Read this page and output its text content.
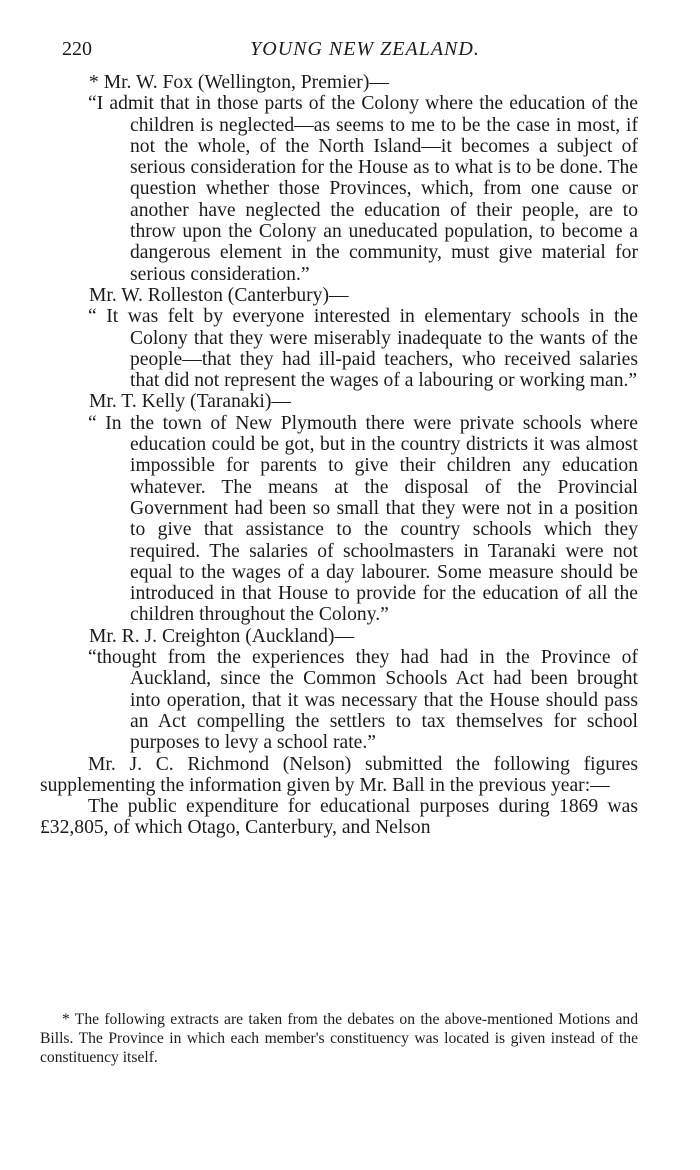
220	YOUNG NEW ZEALAND.
* Mr. W. Fox (Wellington, Premier)—
“I admit that in those parts of the Colony where the education of the children is neglected—as seems to me to be the case in most, if not the whole, of the North Island—it becomes a subject of serious consideration for the House as to what is to be done. The question whether those Provinces, which, from one cause or another have neglected the education of their people, are to throw upon the Colony an uneducated population, to become a dangerous element in the community, must give material for serious consideration.”
Mr. W. Rolleston (Canterbury)—
“ It was felt by everyone interested in elementary schools in the Colony that they were miserably inadequate to the wants of the people—that they had ill-paid teachers, who received salaries that did not represent the wages of a labouring or working man.”
Mr. T. Kelly (Taranaki)—
“ In the town of New Plymouth there were private schools where education could be got, but in the country districts it was almost impossible for parents to give their children any education whatever. The means at the disposal of the Provincial Government had been so small that they were not in a position to give that assistance to the country schools which they required. The salaries of schoolmasters in Taranaki were not equal to the wages of a day labourer. Some measure should be introduced in that House to provide for the education of all the children throughout the Colony.”
Mr. R. J. Creighton (Auckland)—
“thought from the experiences they had had in the Province of Auckland, since the Common Schools Act had been brought into operation, that it was necessary that the House should pass an Act compelling the settlers to tax themselves for school purposes to levy a school rate.”

Mr. J. C. Richmond (Nelson) submitted the following figures supplementing the information given by Mr. Ball in the previous year:—

The public expenditure for educational purposes during 1869 was £32,805, of which Otago, Canterbury, and Nelson

* The following extracts are taken from the debates on the above-mentioned Motions and Bills. The Province in which each member's constituency was located is given instead of the constituency itself.
